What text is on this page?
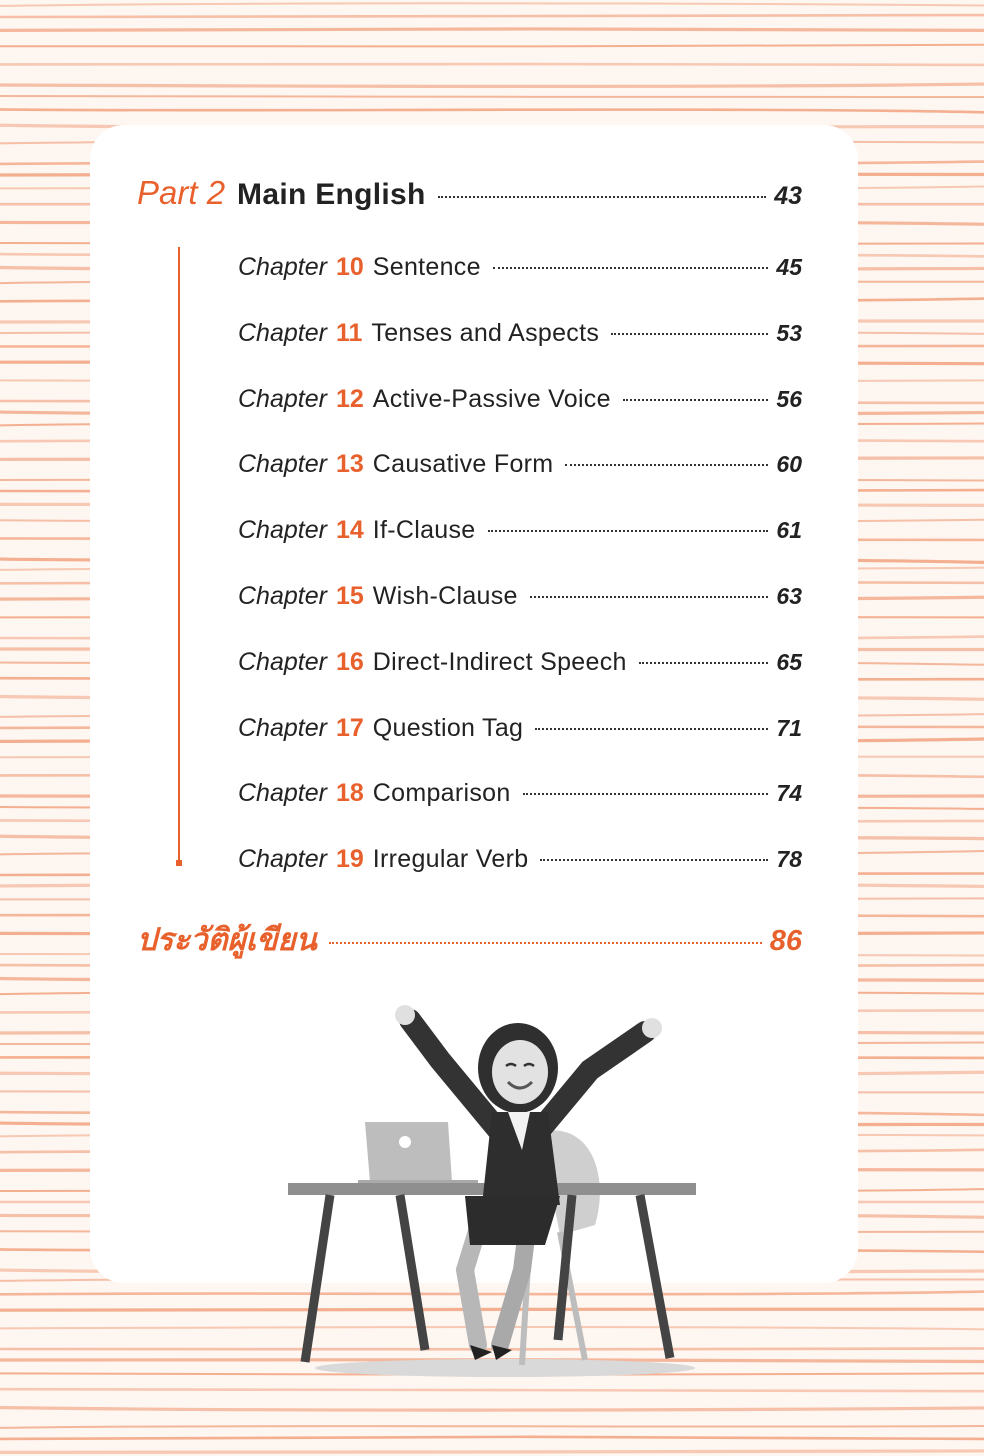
Part 2 Main English	43
Chapter 10 Sentence	45
Chapter 11 Tenses and Aspects	53
Chapter 12 Active-Passive Voice	56
Chapter 13 Causative Form	60
Chapter 14 If-Clause	61
Chapter 15 Wish-Clause	63
Chapter 16 Direct-Indirect Speech	65
Chapter 17 Question Tag	71
Chapter 18 Comparison	74
Chapter 19 Irregular Verb	78
ประวัติผู้เขียน	86
